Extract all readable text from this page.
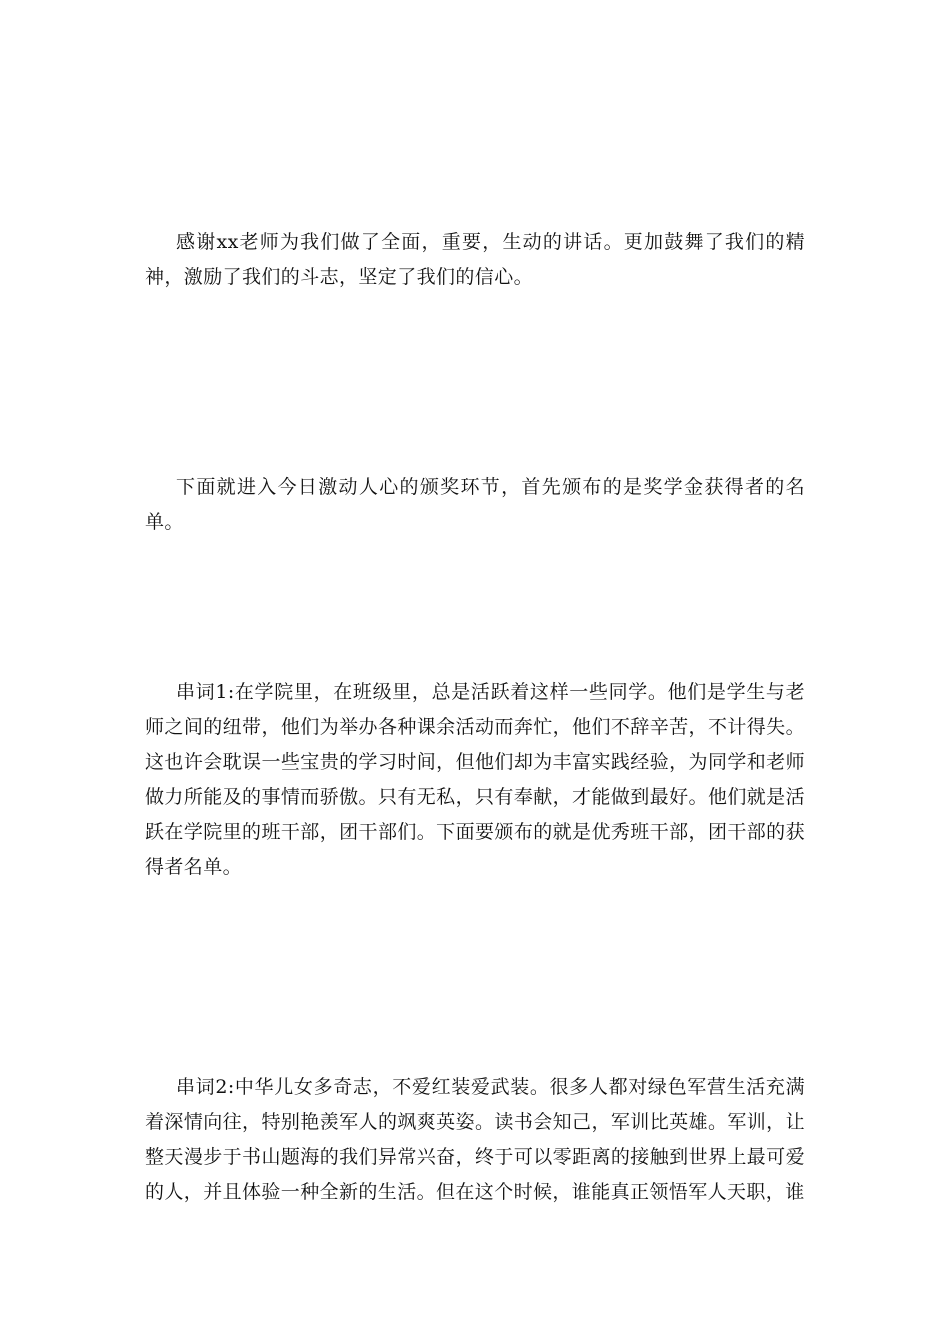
感谢xx老师为我们做了全面，重要，生动的讲话。更加鼓舞了我们的精神，激励了我们的斗志，坚定了我们的信心。

下面就进入今日激动人心的颁奖环节，首先颁布的是奖学金获得者的名单。

串词1:在学院里，在班级里，总是活跃着这样一些同学。他们是学生与老师之间的纽带，他们为举办各种课余活动而奔忙，他们不辞辛苦，不计得失。这也许会耽误一些宝贵的学习时间，但他们却为丰富实践经验，为同学和老师做力所能及的事情而骄傲。只有无私，只有奉献，才能做到最好。他们就是活跃在学院里的班干部，团干部们。下面要颁布的就是优秀班干部，团干部的获得者名单。

串词2:中华儿女多奇志，不爱红装爱武装。很多人都对绿色军营生活充满着深情向往，特别艳羡军人的飒爽英姿。读书会知己，军训比英雄。军训，让整天漫步于书山题海的我们异常兴奋，终于可以零距离的接触到世界上最可爱的人，并且体验一种全新的生活。但在这个时候，谁能真正领悟军人天职，谁
